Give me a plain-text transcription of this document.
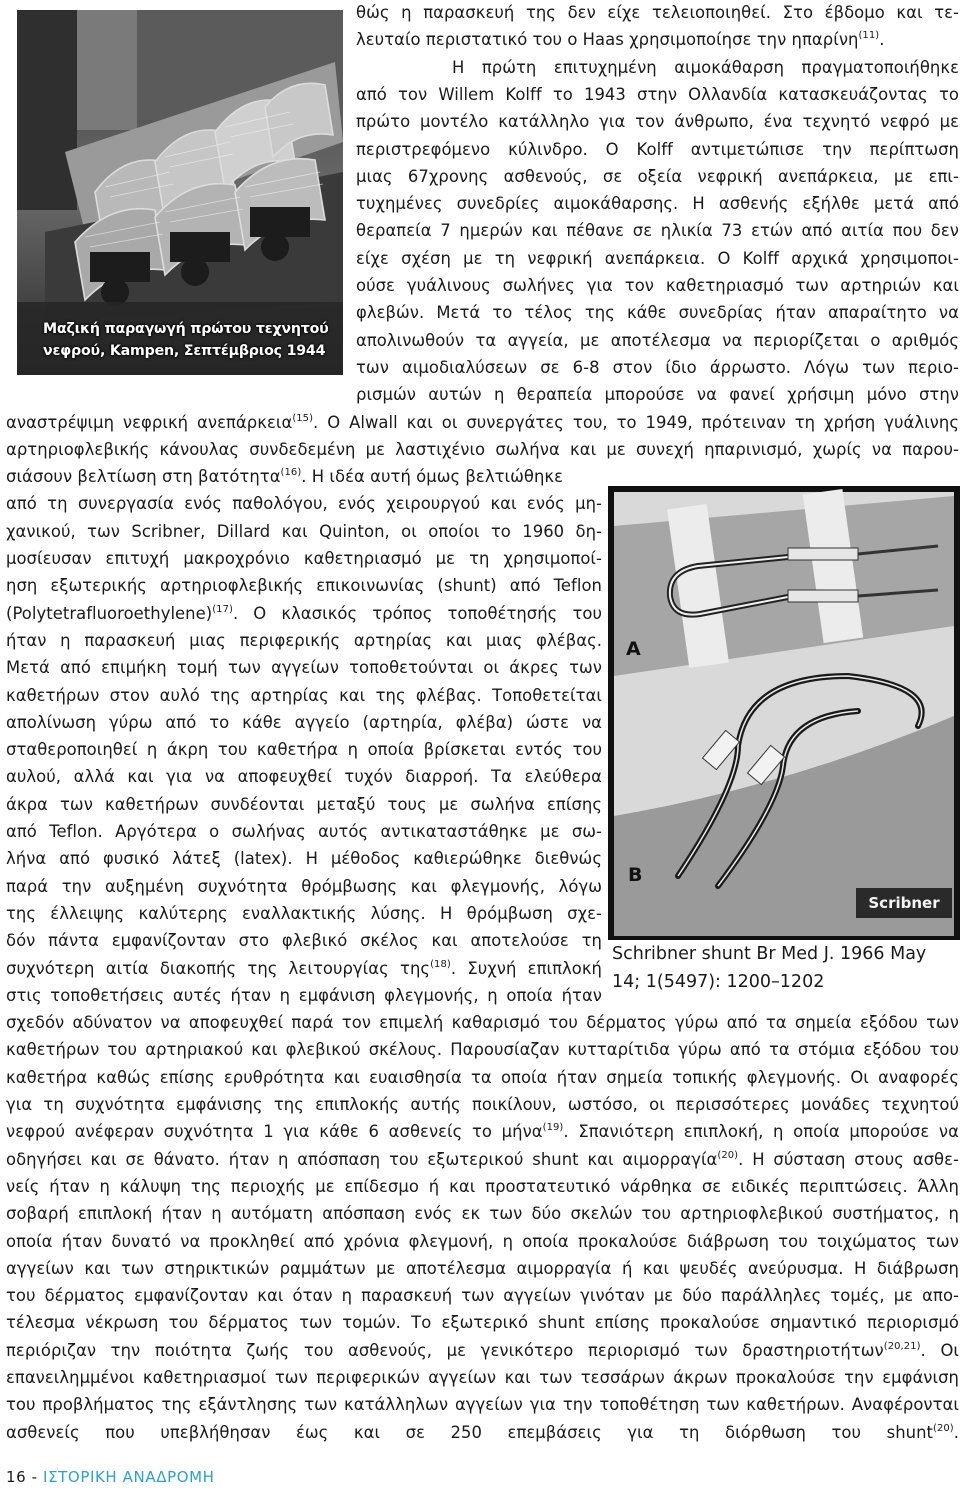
Μαζική παραγωγή πρώτου τεχνητού
νεφρού, Kampen, Σεπτέμβριος 1944
A
B
Scribner
Schribner shunt Br Med J. 1966 May
14; 1(5497): 1200–1202
θώς η παρασκευή της δεν είχε τελειοποιηθεί. Στο έβδομο και τε-
λευταίο περιστατικό του ο Haas χρησιμοποίησε την ηπαρίνη$^{(11)}$.
Η πρώτη επιτυχημένη αιμοκάθαρση πραγματοποιήθηκε
από τον Willem Kolff το 1943 στην Ολλανδία κατασκευάζοντας το
πρώτο μοντέλο κατάλληλο για τον άνθρωπο, ένα τεχνητό νεφρό με
περιστρεφόμενο κύλινδρο. Ο Kolff αντιμετώπισε την περίπτωση
μιας 67χρονης ασθενούς, σε οξεία νεφρική ανεπάρκεια, με επι-
τυχημένες συνεδρίες αιμοκάθαρσης. Η ασθενής εξήλθε μετά από
θεραπεία 7 ημερών και πέθανε σε ηλικία 73 ετών από αιτία που δεν
είχε σχέση με τη νεφρική ανεπάρκεια. Ο Kolff αρχικά χρησιμοποι-
ούσε γυάλινους σωλήνες για τον καθετηριασμό των αρτηριών και
φλεβών. Μετά το τέλος της κάθε συνεδρίας ήταν απαραίτητο να
απολινωθούν τα αγγεία, με αποτέλεσμα να περιορίζεται ο αριθμός
των αιμοδιαλύσεων σε 6-8 στον ίδιο άρρωστο. Λόγω των περιο-
ρισμών αυτών η θεραπεία μπορούσε να φανεί χρήσιμη μόνο στην
αναστρέψιμη νεφρική ανεπάρκεια$^{(15)}$. Ο Alwall και οι συνεργάτες του, το 1949, πρότειναν τη χρήση γυάλινης
αρτηριοφλεβικής κάνουλας συνδεδεμένη με λαστιχένιο σωλήνα και με συνεχή ηπαρινισμό, χωρίς να παρου-
σιάσουν βελτίωση στη βατότητα$^{(16)}$. Η ιδέα αυτή όμως βελτιώθηκε
από τη συνεργασία ενός παθολόγου, ενός χειρουργού και ενός μη-
χανικού, των Scribner, Dillard και Quinton, οι οποίοι το 1960 δη-
μοσίευσαν επιτυχή μακροχρόνιο καθετηριασμό με τη χρησιμοποί-
ηση εξωτερικής αρτηριοφλεβικής επικοινωνίας (shunt) από Teflon
(Polytetrafluoroethylene)$^{(17)}$. Ο κλασικός τρόπος τοποθέτησής του
ήταν η παρασκευή μιας περιφερικής αρτηρίας και μιας φλέβας.
Μετά από επιμήκη τομή των αγγείων τοποθετούνται οι άκρες των
καθετήρων στον αυλό της αρτηρίας και της φλέβας. Τοποθετείται
απολίνωση γύρω από το κάθε αγγείο (αρτηρία, φλέβα) ώστε να
σταθεροποιηθεί η άκρη του καθετήρα η οποία βρίσκεται εντός του
αυλού, αλλά και για να αποφευχθεί τυχόν διαρροή. Τα ελεύθερα
άκρα των καθετήρων συνδέονται μεταξύ τους με σωλήνα επίσης
από Teflon. Αργότερα ο σωλήνας αυτός αντικαταστάθηκε με σω-
λήνα από φυσικό λάτεξ (latex). Η μέθοδος καθιερώθηκε διεθνώς
παρά την αυξημένη συχνότητα θρόμβωσης και φλεγμονής, λόγω
της έλλειψης καλύτερης εναλλακτικής λύσης. Η θρόμβωση σχε-
δόν πάντα εμφανίζονταν στο φλεβικό σκέλος και αποτελούσε τη
συχνότερη αιτία διακοπής της λειτουργίας της$^{(18)}$. Συχνή επιπλοκή
στις τοποθετήσεις αυτές ήταν η εμφάνιση φλεγμονής, η οποία ήταν
σχεδόν αδύνατον να αποφευχθεί παρά τον επιμελή καθαρισμό του δέρματος γύρω από τα σημεία εξόδου των
καθετήρων του αρτηριακού και φλεβικού σκέλους. Παρουσίαζαν κυτταρίτιδα γύρω από τα στόμια εξόδου του
καθετήρα καθώς επίσης ερυθρότητα και ευαισθησία τα οποία ήταν σημεία τοπικής φλεγμονής. Οι αναφορές
για τη συχνότητα εμφάνισης της επιπλοκής αυτής ποικίλουν, ωστόσο, οι περισσότερες μονάδες τεχνητού
νεφρού ανέφεραν συχνότητα 1 για κάθε 6 ασθενείς το μήνα$^{(19)}$. Σπανιότερη επιπλοκή, η οποία μπορούσε να
οδηγήσει και σε θάνατο. ήταν η απόσπαση του εξωτερικού shunt και αιμορραγία$^{(20)}$. Η σύσταση στους ασθε-
νείς ήταν η κάλυψη της περιοχής με επίδεσμο ή και προστατευτικό νάρθηκα σε ειδικές περιπτώσεις. Άλλη
σοβαρή επιπλοκή ήταν η αυτόματη απόσπαση ενός εκ των δύο σκελών του αρτηριοφλεβικού συστήματος, η
οποία ήταν δυνατό να προκληθεί από χρόνια φλεγμονή, η οποία προκαλούσε διάβρωση του τοιχώματος των
αγγείων και των στηρικτικών ραμμάτων με αποτέλεσμα αιμορραγία ή και ψευδές ανεύρυσμα. Η διάβρωση
του δέρματος εμφανίζονταν και όταν η παρασκευή των αγγείων γινόταν με δύο παράλληλες τομές, με απο-
τέλεσμα νέκρωση του δέρματος των τομών. Το εξωτερικό shunt επίσης προκαλούσε σημαντικό περιορισμό
περιόριζαν την ποιότητα ζωής του ασθενούς, με γενικότερο περιορισμό των δραστηριοτήτων$^{(20,21)}$. Οι
επανειλημμένοι καθετηριασμοί των περιφερικών αγγείων και των τεσσάρων άκρων προκαλούσε την εμφάνιση
του προβλήματος της εξάντλησης των κατάλληλων αγγείων για την τοποθέτηση των καθετήρων. Αναφέρονται
ασθενείς που υπεβλήθησαν έως και σε 250 επεμβάσεις για τη διόρθωση του shunt$^{(20)}$.
16 - ΙΣΤΟΡΙΚΗ ΑΝΑΔΡΟΜΗ
